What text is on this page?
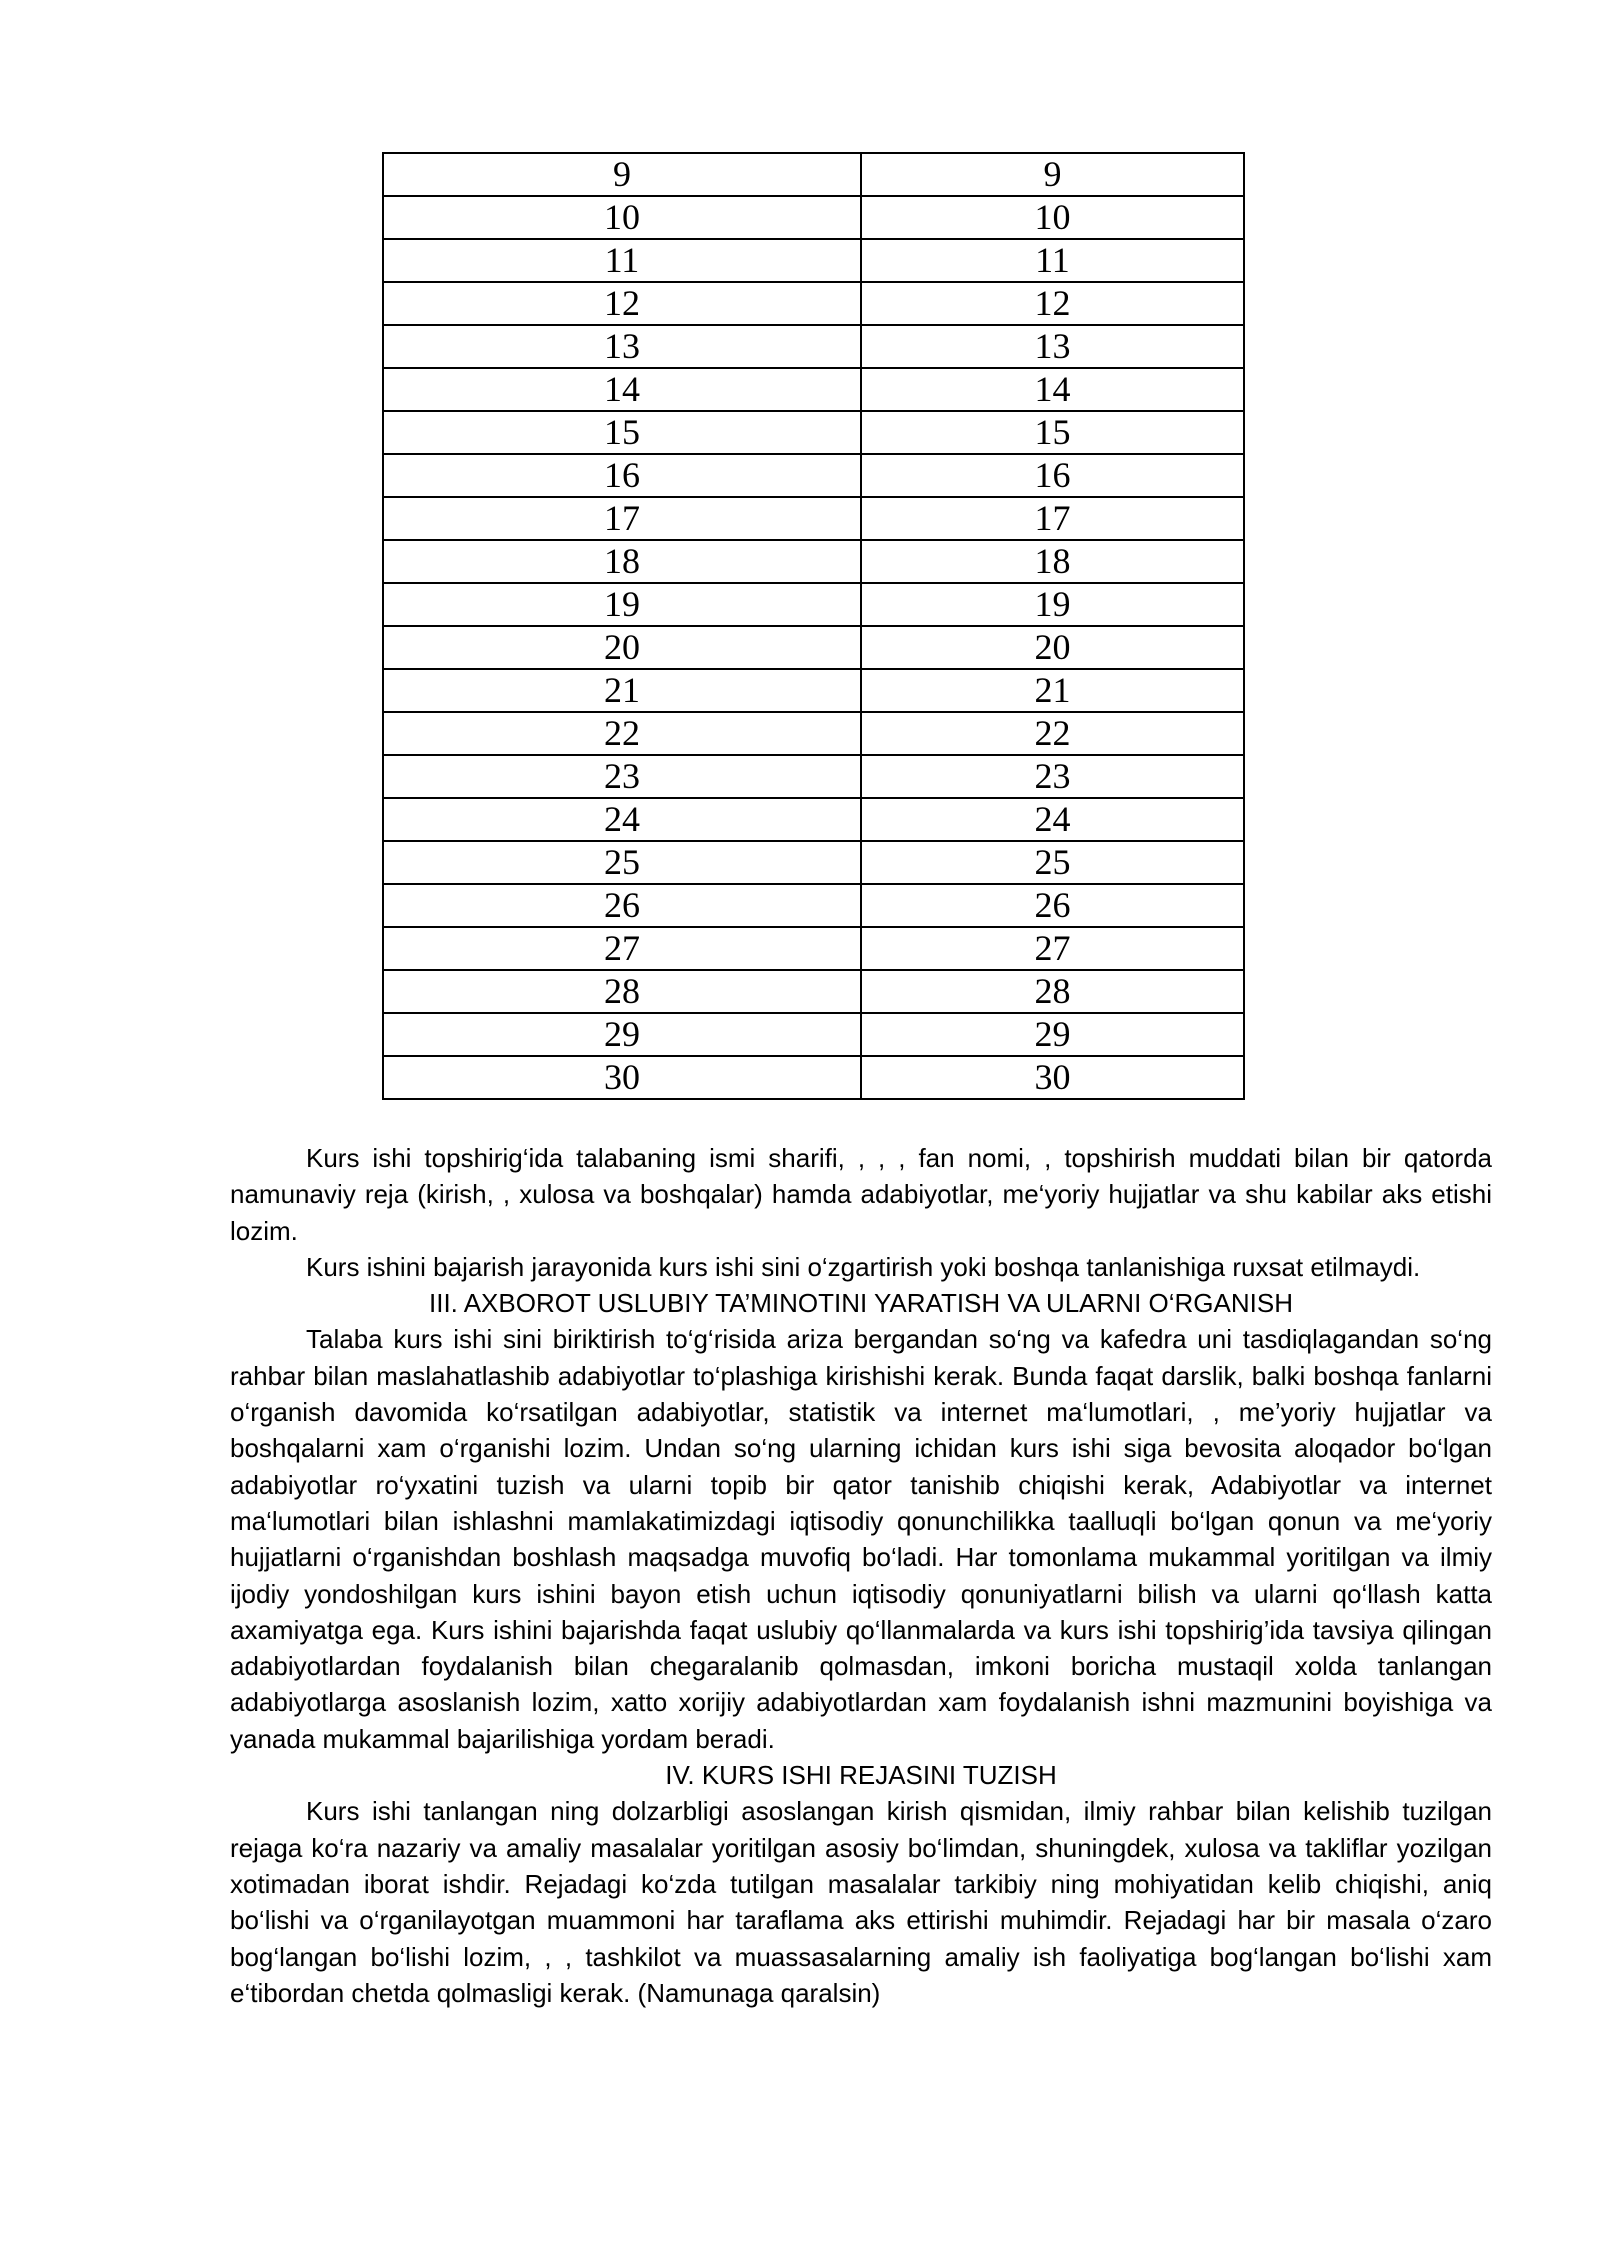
9	9
10	10
11	11
12	12
13	13
14	14
15	15
16	16
17	17
18	18
19	19
20	20
21	21
22	22
23	23
24	24
25	25
26	26
27	27
28	28
29	29
30	30

Kurs ishi topshirig‘ida talabaning ismi sharifi, , , , fan nomi, , topshirish muddati bilan bir qatorda namunaviy reja (kirish, , xulosa va boshqalar) hamda adabiyotlar, me‘yoriy hujjatlar va shu kabilar aks etishi lozim.

Kurs ishini bajarish jarayonida kurs ishi sini o‘zgartirish yoki boshqa tanlanishiga ruxsat etilmaydi.

III. AXBOROT USLUBIY TA’MINOTINI YARATISH VA ULARNI O‘RGANISH

Talaba kurs ishi sini biriktirish to‘g‘risida ariza bergandan so‘ng va kafedra uni tasdiqlagandan so‘ng rahbar bilan maslahatlashib adabiyotlar to‘plashiga kirishishi kerak. Bunda faqat darslik, balki boshqa fanlarni o‘rganish davomida ko‘rsatilgan adabiyotlar, statistik va internet ma‘lumotlari, , me’yoriy hujjatlar va boshqalarni xam o‘rganishi lozim. Undan so‘ng ularning ichidan kurs ishi siga bevosita aloqador bo‘lgan adabiyotlar ro‘yxatini tuzish va ularni topib bir qator tanishib chiqishi kerak, Adabiyotlar va internet ma‘lumotlari bilan ishlashni mamlakatimizdagi iqtisodiy qonunchilikka taalluqli bo‘lgan qonun va me‘yoriy hujjatlarni o‘rganishdan boshlash maqsadga muvofiq bo‘ladi. Har tomonlama mukammal yoritilgan va ilmiy ijodiy yondoshilgan kurs ishini bayon etish uchun iqtisodiy qonuniyatlarni bilish va ularni qo‘llash katta axamiyatga ega. Kurs ishini bajarishda faqat uslubiy qo‘llanmalarda va kurs ishi topshirig’ida tavsiya qilingan adabiyotlardan foydalanish bilan chegaralanib qolmasdan, imkoni boricha mustaqil xolda tanlangan adabiyotlarga asoslanish lozim, xatto xorijiy adabiyotlardan xam foydalanish ishni mazmunini boyishiga va yanada mukammal bajarilishiga yordam beradi.

IV. KURS ISHI REJASINI TUZISH

Kurs ishi tanlangan ning dolzarbligi asoslangan kirish qismidan, ilmiy rahbar bilan kelishib tuzilgan rejaga ko‘ra nazariy va amaliy masalalar yoritilgan asosiy bo‘limdan, shuningdek, xulosa va takliflar yozilgan xotimadan iborat ishdir. Rejadagi ko‘zda tutilgan masalalar tarkibiy ning mohiyatidan kelib chiqishi, aniq bo‘lishi va o‘rganilayotgan muammoni har taraflama aks ettirishi muhimdir. Rejadagi har bir masala o‘zaro bog‘langan bo‘lishi lozim, , , tashkilot va muassasalarning amaliy ish faoliyatiga bog‘langan bo‘lishi xam e‘tibordan chetda qolmasligi kerak. (Namunaga qaralsin)
